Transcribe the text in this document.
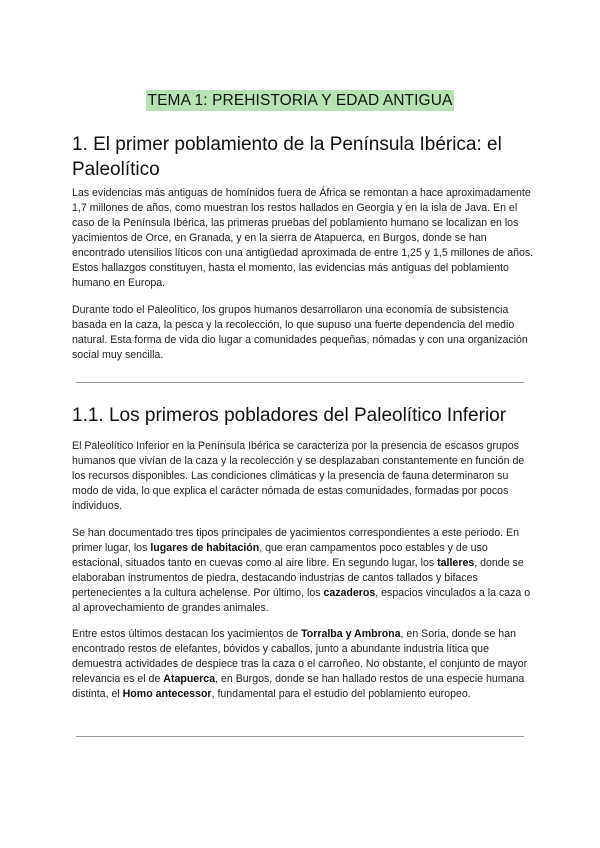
TEMA 1: PREHISTORIA Y EDAD ANTIGUA
1. El primer poblamiento de la Península Ibérica: el Paleolítico

Las evidencias más antiguas de homínidos fuera de África se remontan a hace aproximadamente 1,7 millones de años, como muestran los restos hallados en Georgia y en la isla de Java. En el caso de la Península Ibérica, las primeras pruebas del poblamiento humano se localizan en los yacimientos de Orce, en Granada, y en la sierra de Atapuerca, en Burgos, donde se han encontrado utensilios líticos con una antigüedad aproximada de entre 1,25 y 1,5 millones de años. Estos hallazgos constituyen, hasta el momento, las evidencias más antiguas del poblamiento humano en Europa.

Durante todo el Paleolítico, los grupos humanos desarrollaron una economía de subsistencia basada en la caza, la pesca y la recolección, lo que supuso una fuerte dependencia del medio natural. Esta forma de vida dio lugar a comunidades pequeñas, nómadas y con una organización social muy sencilla.

1.1. Los primeros pobladores del Paleolítico Inferior

El Paleolítico Inferior en la Península Ibérica se caracteriza por la presencia de escasos grupos humanos que vivían de la caza y la recolección y se desplazaban constantemente en función de los recursos disponibles. Las condiciones climáticas y la presencia de fauna determinaron su modo de vida, lo que explica el carácter nómada de estas comunidades, formadas por pocos individuos.

Se han documentado tres tipos principales de yacimientos correspondientes a este periodo. En primer lugar, los lugares de habitación, que eran campamentos poco estables y de uso estacional, situados tanto en cuevas como al aire libre. En segundo lugar, los talleres, donde se elaboraban instrumentos de piedra, destacando industrias de cantos tallados y bifaces pertenecientes a la cultura achelense. Por último, los cazaderos, espacios vinculados a la caza o al aprovechamiento de grandes animales.

Entre estos últimos destacan los yacimientos de Torralba y Ambrona, en Soria, donde se han encontrado restos de elefantes, bóvidos y caballos, junto a abundante industria lítica que demuestra actividades de despiece tras la caza o el carroñeo. No obstante, el conjunto de mayor relevancia es el de Atapuerca, en Burgos, donde se han hallado restos de una especie humana distinta, el Homo antecessor, fundamental para el estudio del poblamiento europeo.
